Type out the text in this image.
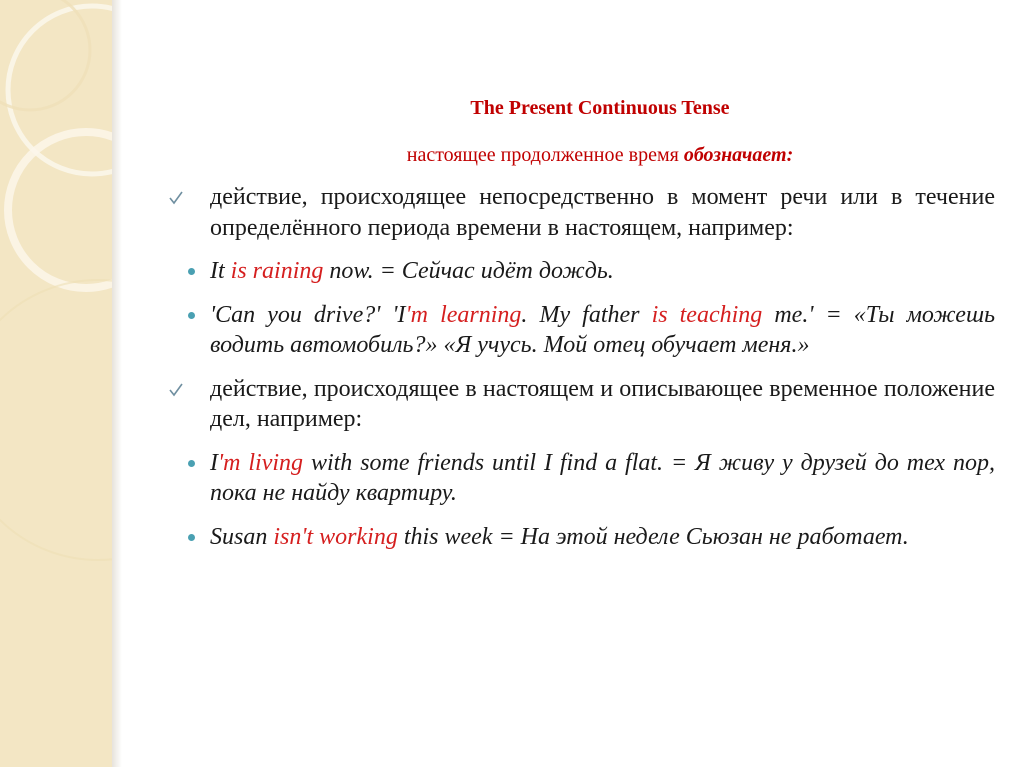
The Present Continuous Tense

настоящее продолженное время обозначает:

действие, происходящее непосредственно в момент речи или в течение определённого периода времени в настоящем, например:

It is raining now. = Сейчас идёт дождь.

'Can you drive?' 'I'm learning. My father is teaching me.' = «Ты можешь водить автомобиль?» «Я учусь. Мой отец обучает меня.»

действие, происходящее в настоящем и описывающее временное положение дел, например:

I'm living with some friends until I find a flat. = Я живу у друзей до тех пор, пока не найду квартиру.

Susan isn't working this week = На этой неделе Сьюзан не работает.
